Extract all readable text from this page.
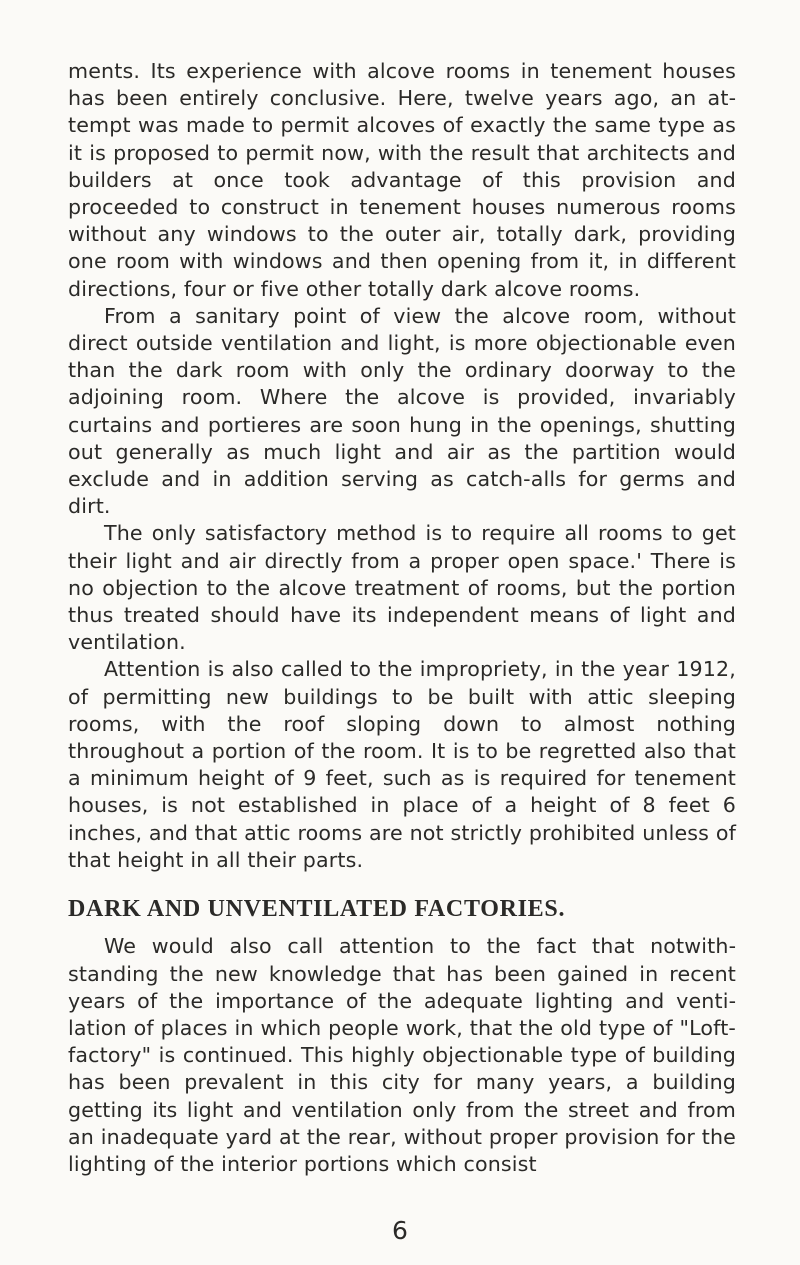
ments. Its experience with alcove rooms in tenement houses has been entirely conclusive. Here, twelve years ago, an attempt was made to permit alcoves of exactly the same type as it is proposed to permit now, with the result that architects and builders at once took advantage of this provision and proceeded to construct in tenement houses numerous rooms without any windows to the outer air, totally dark, providing one room with windows and then opening from it, in different directions, four or five other totally dark alcove rooms.

From a sanitary point of view the alcove room, without direct outside ventilation and light, is more objectionable even than the dark room with only the ordinary doorway to the adjoining room. Where the alcove is provided, invariably curtains and portieres are soon hung in the openings, shutting out generally as much light and air as the partition would exclude and in addition serving as catch-alls for germs and dirt.

The only satisfactory method is to require all rooms to get their light and air directly from a proper open space.' There is no objection to the alcove treatment of rooms, but the portion thus treated should have its independent means of light and ventilation.

Attention is also called to the impropriety, in the year 1912, of permitting new buildings to be built with attic sleeping rooms, with the roof sloping down to almost nothing throughout a portion of the room. It is to be regretted also that a minimum height of 9 feet, such as is required for tenement houses, is not established in place of a height of 8 feet 6 inches, and that attic rooms are not strictly prohibited unless of that height in all their parts.

DARK AND UNVENTILATED FACTORIES.

We would also call attention to the fact that notwithstanding the new knowledge that has been gained in recent years of the importance of the adequate lighting and ventilation of places in which people work, that the old type of "Loft-factory" is continued. This highly objectionable type of building has been prevalent in this city for many years, a building getting its light and ventilation only from the street and from an inadequate yard at the rear, without proper provision for the lighting of the interior portions which consist

6
